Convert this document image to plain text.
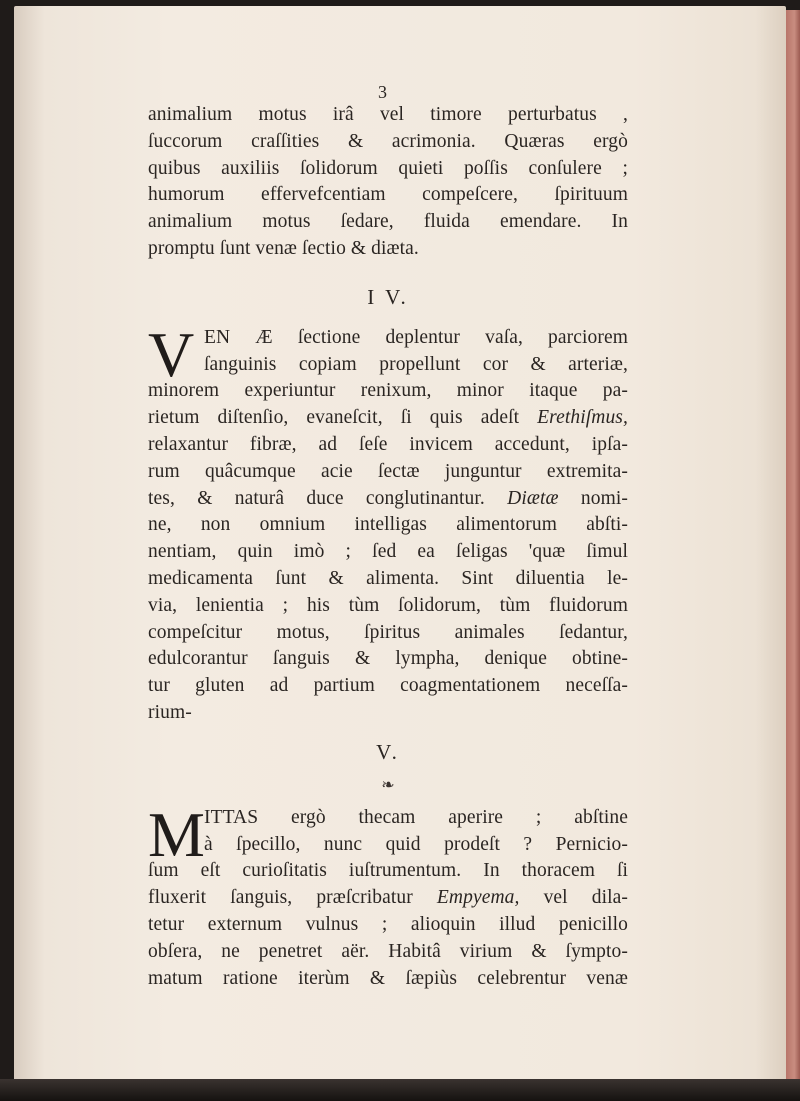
3
animalium motus irâ vel timore perturbatus ,
ſuccorum craſſities & acrimonia. Quæras ergò
quibus auxiliis ſolidorum quieti poſſis conſulere ;
humorum effervefcentiam compeſcere, ſpirituum
animalium motus ſedare, fluida emendare. In
promptu ſunt venæ ſectio & diæta.
I V.
V EN Æ ſectione deplentur vaſa, parciorem
ſanguinis copiam propellunt cor & arteriæ,
minorem experiuntur renixum, minor itaque pa-
rietum diſtenſio, evaneſcit, ſi quis adeſt Erethiſmus,
relaxantur fibræ, ad ſeſe invicem accedunt, ipſa-
rum quâcumque acie ſectæ junguntur extremita-
tes, & naturâ duce conglutinantur. Diætæ nomi-
ne, non omnium intelligas alimentorum abſti-
nentiam, quin imò ; ſed ea ſeligas 'quæ ſimul
medicamenta ſunt & alimenta. Sint diluentia le-
via, lenientia ; his tùm ſolidorum, tùm fluidorum
compeſcitur motus, ſpiritus animales ſedantur,
edulcorantur ſanguis & lympha, denique obtine-
tur gluten ad partium coagmentationem neceſſa-
rium-
V.
❧
M
ITTAS ergò thecam aperire ; abſtine
à ſpecillo, nunc quid prodeſt ? Pernicio-
ſum eſt curioſitatis iuſtrumentum. In thoracem ſi
fluxerit ſanguis, præſcribatur Empyema, vel dila-
tetur externum vulnus ; alioquin illud penicillo
obſera, ne penetret aër. Habitâ virium & ſympto-
matum ratione iterùm & ſæpiùs celebrentur venæ
